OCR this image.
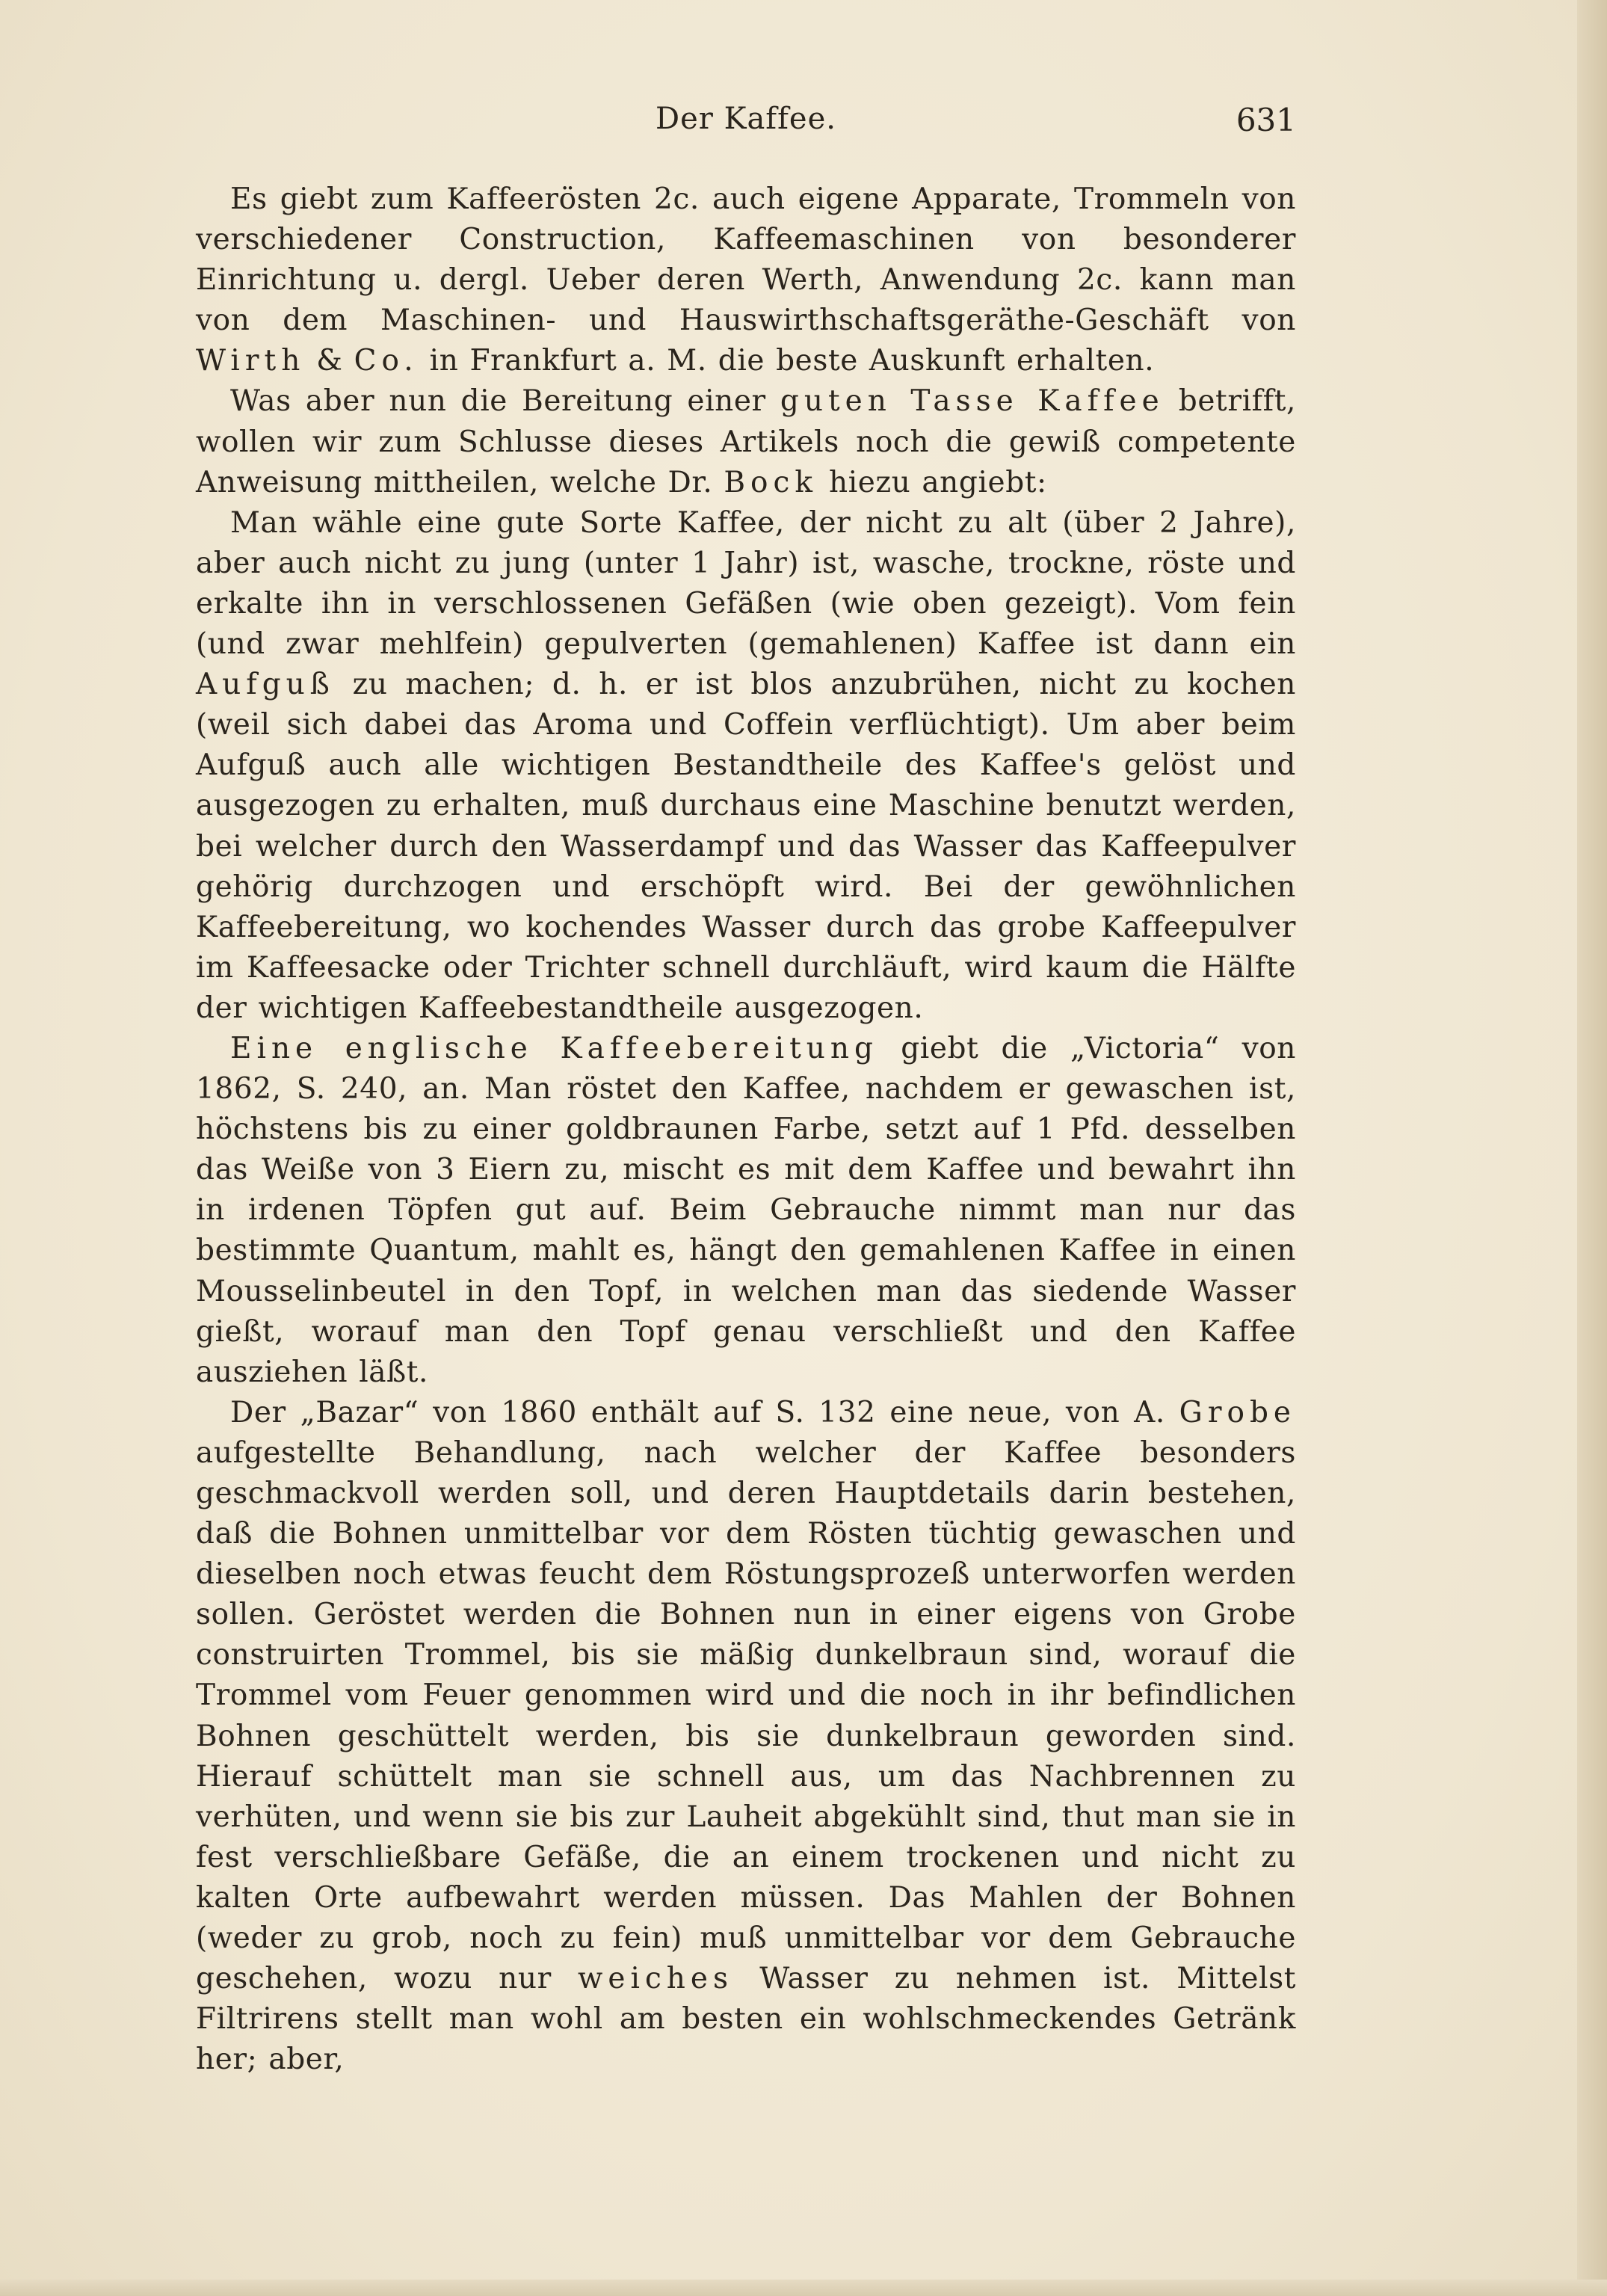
Der Kaffee.	631

Es giebt zum Kaffeerösten 2c. auch eigene Apparate, Trommeln von verschiedener Construction, Kaffeemaschinen von besonderer Einrichtung u. dergl. Ueber deren Werth, Anwendung 2c. kann man von dem Maschinen- und Hauswirthschaftsgeräthe-Geschäft von Wirth & Co. in Frankfurt a. M. die beste Auskunft erhalten.

Was aber nun die Bereitung einer guten Tasse Kaffee betrifft, wollen wir zum Schlusse dieses Artikels noch die gewiß competente Anweisung mittheilen, welche Dr. Bock hiezu angiebt:

Man wähle eine gute Sorte Kaffee, der nicht zu alt (über 2 Jahre), aber auch nicht zu jung (unter 1 Jahr) ist, wasche, trockne, röste und erkalte ihn in verschlossenen Gefäßen (wie oben gezeigt). Vom fein (und zwar mehlfein) gepulverten (gemahlenen) Kaffee ist dann ein Aufguß zu machen; d. h. er ist blos anzubrühen, nicht zu kochen (weil sich dabei das Aroma und Coffein verflüchtigt). Um aber beim Aufguß auch alle wichtigen Bestandtheile des Kaffee's gelöst und ausgezogen zu erhalten, muß durchaus eine Maschine benutzt werden, bei welcher durch den Wasserdampf und das Wasser das Kaffeepulver gehörig durchzogen und erschöpft wird. Bei der gewöhnlichen Kaffeebereitung, wo kochendes Wasser durch das grobe Kaffeepulver im Kaffeesacke oder Trichter schnell durchläuft, wird kaum die Hälfte der wichtigen Kaffeebestandtheile ausgezogen.

Eine englische Kaffeebereitung giebt die „Victoria“ von 1862, S. 240, an. Man röstet den Kaffee, nachdem er gewaschen ist, höchstens bis zu einer goldbraunen Farbe, setzt auf 1 Pfd. desselben das Weiße von 3 Eiern zu, mischt es mit dem Kaffee und bewahrt ihn in irdenen Töpfen gut auf. Beim Gebrauche nimmt man nur das bestimmte Quantum, mahlt es, hängt den gemahlenen Kaffee in einen Mousselinbeutel in den Topf, in welchen man das siedende Wasser gießt, worauf man den Topf genau verschließt und den Kaffee ausziehen läßt.

Der „Bazar“ von 1860 enthält auf S. 132 eine neue, von A. Grobe aufgestellte Behandlung, nach welcher der Kaffee besonders geschmackvoll werden soll, und deren Hauptdetails darin bestehen, daß die Bohnen unmittelbar vor dem Rösten tüchtig gewaschen und dieselben noch etwas feucht dem Röstungsprozeß unterworfen werden sollen. Geröstet werden die Bohnen nun in einer eigens von Grobe construirten Trommel, bis sie mäßig dunkelbraun sind, worauf die Trommel vom Feuer genommen wird und die noch in ihr befindlichen Bohnen geschüttelt werden, bis sie dunkelbraun geworden sind. Hierauf schüttelt man sie schnell aus, um das Nachbrennen zu verhüten, und wenn sie bis zur Lauheit abgekühlt sind, thut man sie in fest verschließbare Gefäße, die an einem trockenen und nicht zu kalten Orte aufbewahrt werden müssen. Das Mahlen der Bohnen (weder zu grob, noch zu fein) muß unmittelbar vor dem Gebrauche geschehen, wozu nur weiches Wasser zu nehmen ist. Mittelst Filtrirens stellt man wohl am besten ein wohlschmeckendes Getränk her; aber,
